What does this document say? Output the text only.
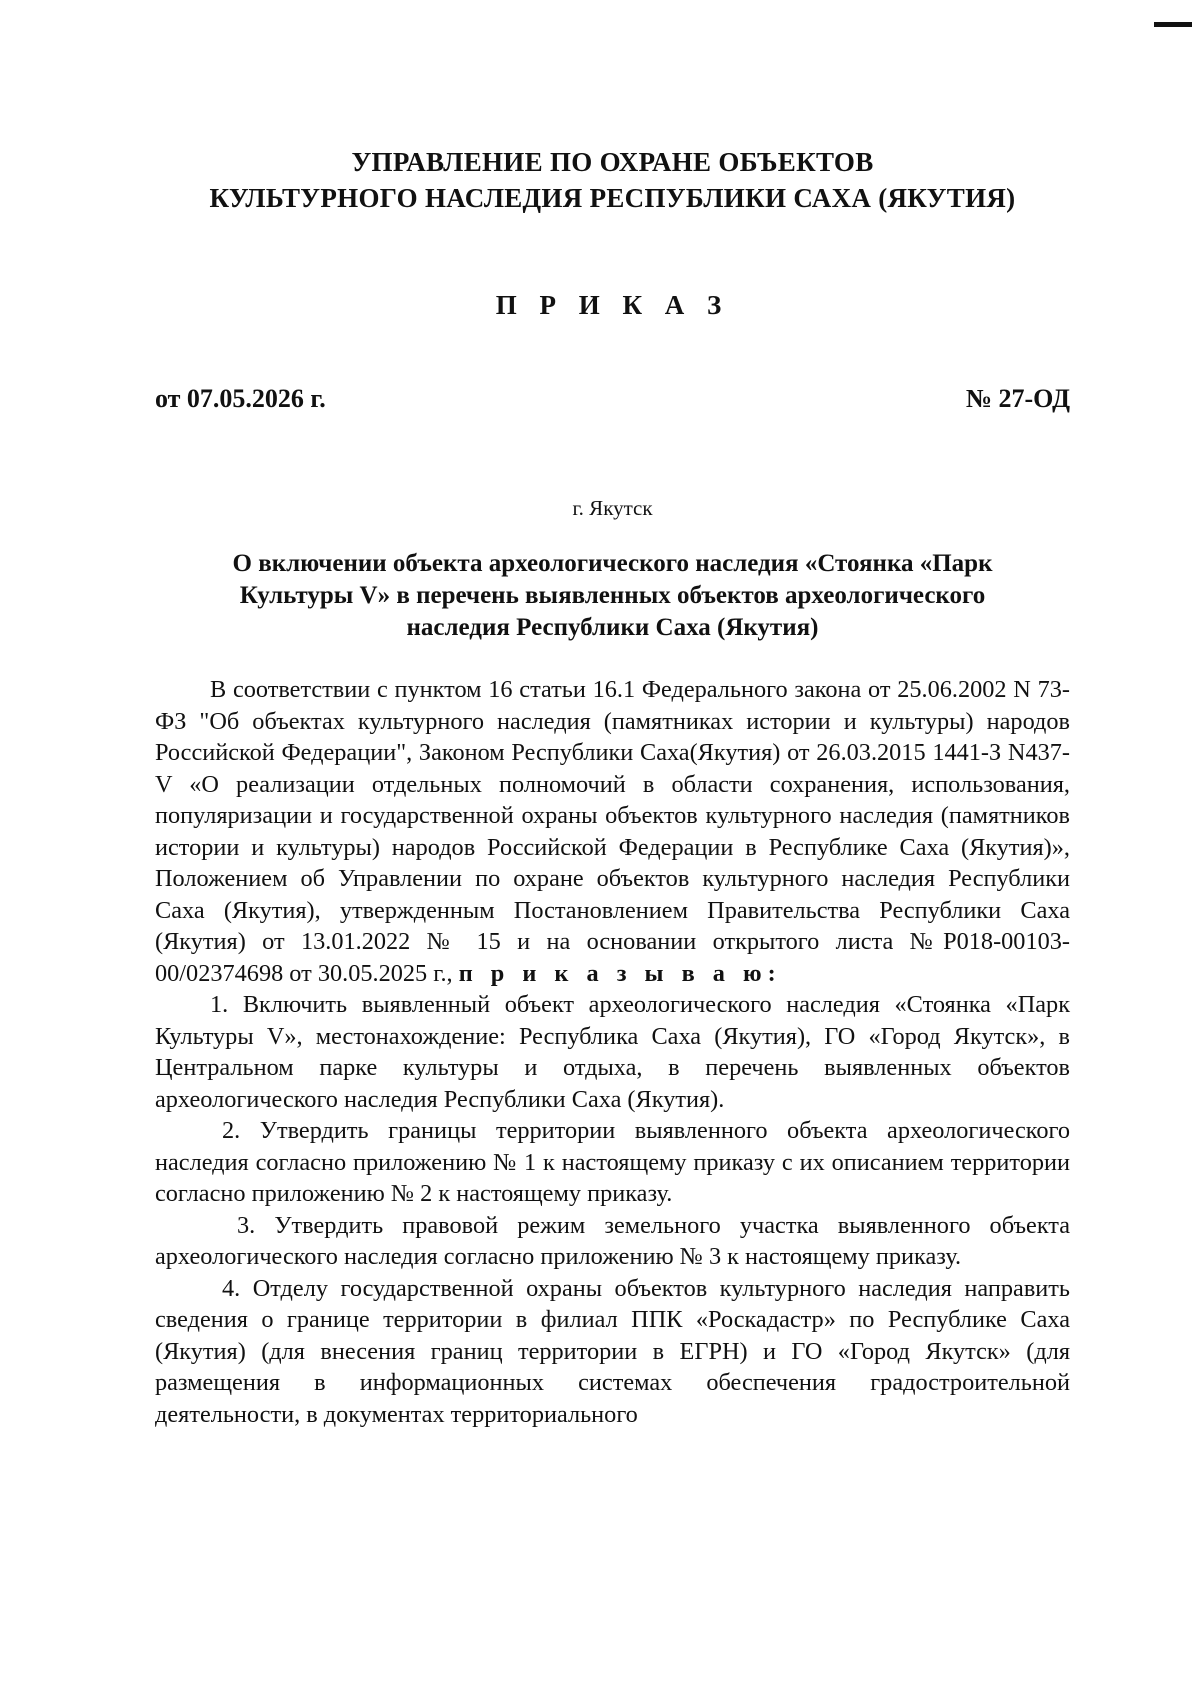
УПРАВЛЕНИЕ ПО ОХРАНЕ ОБЪЕКТОВ
КУЛЬТУРНОГО НАСЛЕДИЯ РЕСПУБЛИКИ САХА (ЯКУТИЯ)
П Р И К А З
от 07.05.2026 г.	№ 27-ОД
г. Якутск
О включении объекта археологического наследия «Стоянка «Парк
Культуры V» в перечень выявленных объектов археологического
наследия Республики Саха (Якутия)

В соответствии с пунктом 16 статьи 16.1 Федерального закона от 25.06.2002 N 73-ФЗ "Об объектах культурного наследия (памятниках истории и культуры) народов Российской Федерации", Законом Республики Саха(Якутия) от 26.03.2015 1441-З N437-V «О реализации отдельных полномочий в области сохранения, использования, популяризации и государственной охраны объектов культурного наследия (памятников истории и культуры) народов Российской Федерации в Республике Саха (Якутия)», Положением об Управлении по охране объектов культурного наследия Республики Саха (Якутия), утвержденным Постановлением Правительства Республики Саха (Якутия) от 13.01.2022 № 15 и на основании открытого листа №Р018-00103-00/02374698 от 30.05.2025 г., п р и к а з ы в а ю:

1. Включить выявленный объект археологического наследия «Стоянка «Парк Культуры V», местонахождение: Республика Саха (Якутия), ГО «Город Якутск», в Центральном парке культуры и отдыха, в перечень выявленных объектов археологического наследия Республики Саха (Якутия).

2. Утвердить границы территории выявленного объекта археологического наследия согласно приложению № 1 к настоящему приказу с их описанием территории согласно приложению № 2 к настоящему приказу.

3. Утвердить правовой режим земельного участка выявленного объекта археологического наследия согласно приложению № 3 к настоящему приказу.

4. Отделу государственной охраны объектов культурного наследия направить сведения о границе территории в филиал ППК «Роскадастр» по Республике Саха (Якутия) (для внесения границ территории в ЕГРН) и ГО «Город Якутск» (для размещения в информационных системах обеспечения градостроительной деятельности, в документах территориального
